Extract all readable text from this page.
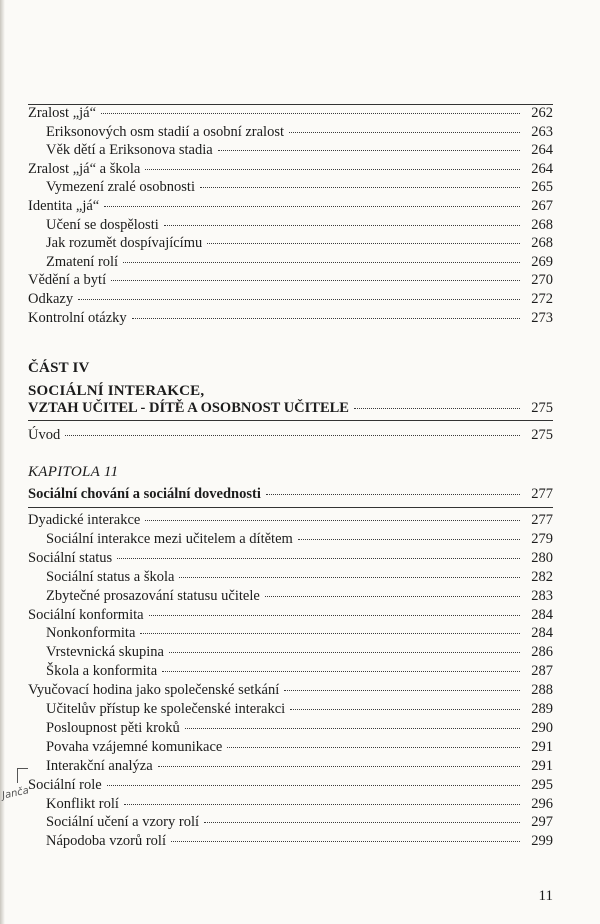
Zralost „já“	262
Eriksonových osm stadií a osobní zralost	263
Věk dětí a Eriksonova stadia	264
Zralost „já“ a škola	264
Vymezení zralé osobnosti	265
Identita „já“	267
Učení se dospělosti	268
Jak rozumět dospívajícímu	268
Zmatení rolí	269
Vědění a bytí	270
Odkazy	272
Kontrolní otázky	273
ČÁST IV
SOCIÁLNÍ INTERAKCE,
VZTAH UČITEL - DÍTĚ A OSOBNOST UČITELE	275
Úvod	275
KAPITOLA 11
Sociální chování a sociální dovednosti	277
Dyadické interakce	277
Sociální interakce mezi učitelem a dítětem	279
Sociální status	280
Sociální status a škola	282
Zbytečné prosazování statusu učitele	283
Sociální konformita	284
Nonkonformita	284
Vrstevnická skupina	286
Škola a konformita	287
Vyučovací hodina jako společenské setkání	288
Učitelův přístup ke společenské interakci	289
Posloupnost pěti kroků	290
Povaha vzájemné komunikace	291
Interakční analýza	291
Sociální role	295
Konflikt rolí	296
Sociální učení a vzory rolí	297
Nápodoba vzorů rolí	299
Janča
11
